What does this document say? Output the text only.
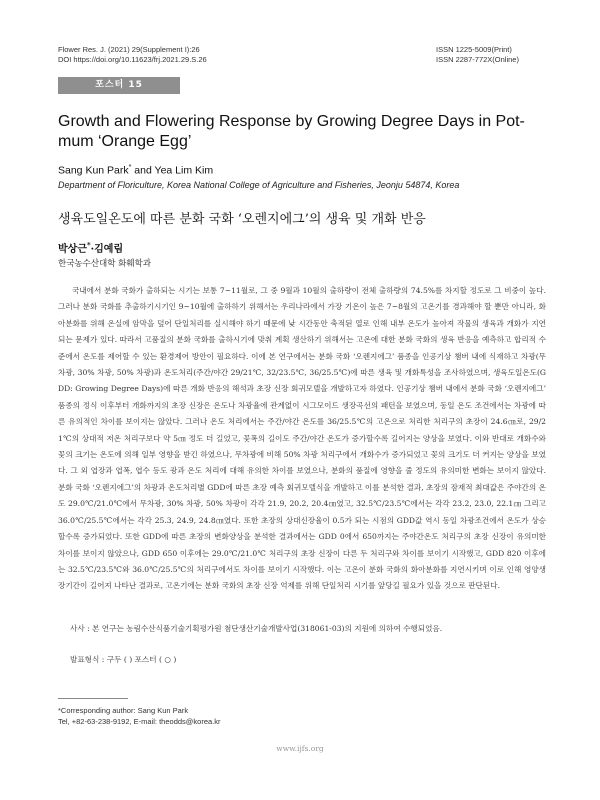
Flower Res. J. (2021) 29(Supplement I):26
DOI https://doi.org/10.11623/frj.2021.29.S.26
ISSN 1225-5009(Print)
ISSN 2287-772X(Online)
포스터 15
Growth and Flowering Response by Growing Degree Days in Pot-mum ‘Orange Egg’
Sang Kun Park* and Yea Lim Kim
Department of Floriculture, Korea National College of Agriculture and Fisheries, Jeonju 54874, Korea
생육도일온도에 따른 분화 국화 ‘오렌지에그’의 생육 및 개화 반응
박상근*·김예림
한국농수산대학 화훼학과

국내에서 분화 국화가 출하되는 시기는 보통 7~11월로, 그 중 9월과 10월의 출하량이 전체 출하량의 74.5%를 차지할 정도로 그 비중이 높다. 그러나 분화 국화를 추출하기시기인 9~10월에 출하하기 위해서는 우리나라에서 가장 기온이 높은 7~8월의 고온기를 경과해야 할 뿐만 아니라, 화아분화를 위해 온실에 암막을 덮어 단일처리를 실시해야 하기 때문에 낮 시간동안 축적된 열로 인해 내부 온도가 높아져 작물의 생육과 개화가 지연되는 문제가 있다. 따라서 고품질의 분화 국화를 출하시기에 맞춰 계획 생산하기 위해서는 고온에 대한 분화 국화의 생육 반응을 예측하고 합리적 수준에서 온도를 제어할 수 있는 환경제어 방안이 필요하다. 이에 본 연구에서는 분화 국화 ‘오렌지에그’ 품종을 인공기상 챔버 내에 식재하고 차광(무차광, 30% 차광, 50% 차광)과 온도처리(주간/야간 29/21℃, 32/23.5℃, 36/25.5℃)에 따른 생육 및 개화특성을 조사하였으며, 생육도일온도(GDD: Growing Degree Days)에 따른 개화 반응의 해석과 초장 신장 회귀모델을 개발하고자 하였다. 인공기상 챔버 내에서 분화 국화 ‘오렌지에그’ 품종의 정식 이후부터 개화까지의 초장 신장은 온도나 차광율에 관계없이 시그모이드 생장곡선의 패턴을 보였으며, 동일 온도 조건에서는 차광에 따른 유의적인 차이를 보이지는 않았다. 그러나 온도 처리에서는 주간/야간 온도를 36/25.5℃의 고온으로 처리한 처리구의 초장이 24.6㎝로, 29/21℃의 상대적 저온 처리구보다 약 5㎝ 정도 더 길었고, 꽃폭의 길이도 주간/야간 온도가 증가할수록 길어지는 양상을 보였다. 이와 반대로 개화수와 꽃의 크기는 온도에 의해 일부 영향을 받긴 하였으나, 무차광에 비해 50% 차광 처리구에서 개화수가 증가되었고 꽃의 크기도 더 커지는 양상을 보였다. 그 외 엽장과 엽폭, 엽수 등도 광과 온도 처리에 대해 유의한 차이를 보였으나, 분화의 품질에 영향을 줄 정도의 유의미한 변화는 보이지 않았다. 분화 국화 ‘오렌지에그’의 차광과 온도처리별 GDD에 따른 초장 예측 회귀모델식을 개발하고 이를 분석한 결과, 초장의 잠재적 최대값은 주야간의 온도 29.0℃/21.0℃에서 무차광, 30% 차광, 50% 차광이 각각 21.9, 20.2, 20.4㎝였고, 32.5℃/23.5℃에서는 각각 23.2, 23.0, 22.1㎝ 그리고 36.0℃/25.5℃에서는 각각 25.3, 24.9, 24.8㎝였다. 또한 초장의 상대신장율이 0.5가 되는 시점의 GDD값 역시 동일 차광조건에서 온도가 상승할수록 증가되었다. 또한 GDD에 따른 초장의 변화양상을 분석한 결과에서는 GDD 0에서 650까지는 주야간온도 처리구의 초장 신장이 유의미한 차이를 보이지 않았으나, GDD 650 이후에는 29.0℃/21.0℃ 처리구의 초장 신장이 다른 두 처리구와 차이를 보이기 시작했고, GDD 820 이후에는 32.5℃/23.5℃와 36.0℃/25.5℃의 처리구에서도 차이를 보이기 시작했다. 이는 고온이 분화 국화의 화아분화를 지연시키며 이로 인해 영양생장기간이 길어져 나타난 결과로, 고온기에는 분화 국화의 초장 신장 억제를 위해 단일처리 시기를 앞당길 필요가 있을 것으로 판단된다.

사사 : 본 연구는 농림수산식품기술기획평가원 첨단생산기술개발사업(318061-03)의 지원에 의하여 수행되었음.
발표형식 : 구두 ( ) 포스터 ( ○ )
*Corresponding author: Sang Kun Park
Tel, +82-63-238-9192, E-mail: theodds@korea.kr
www.ijfs.org
